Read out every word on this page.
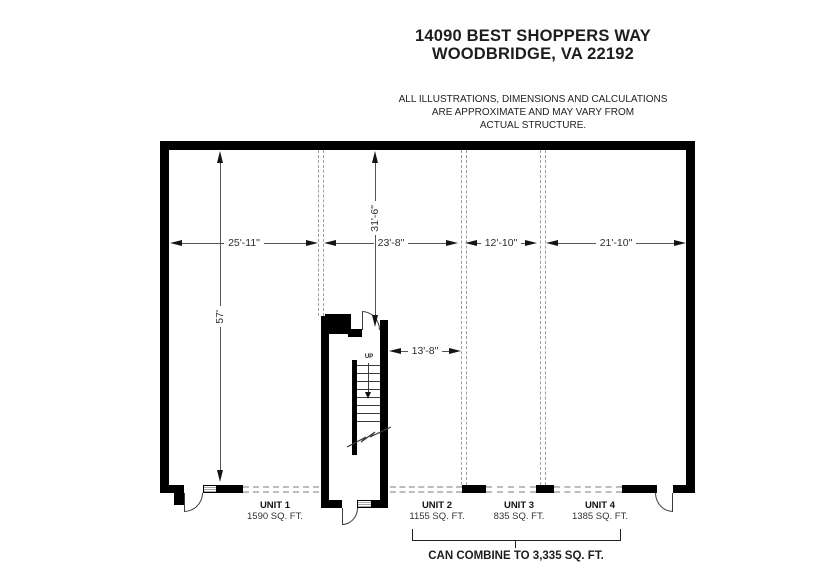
14090 BEST SHOPPERS WAY
WOODBRIDGE, VA 22192
ALL ILLUSTRATIONS, DIMENSIONS AND CALCULATIONS
ARE APPROXIMATE AND MAY VARY FROM
ACTUAL STRUCTURE.
UP
25'-11"	23'-8"	12'-10"	21'-10"
13'-8"
57'
31'-6"
UNIT 1
1590 SQ. FT.
UNIT 2
1155 SQ. FT.
UNIT 3
835 SQ. FT.
UNIT 4
1385 SQ. FT.
CAN COMBINE TO 3,335 SQ. FT.
